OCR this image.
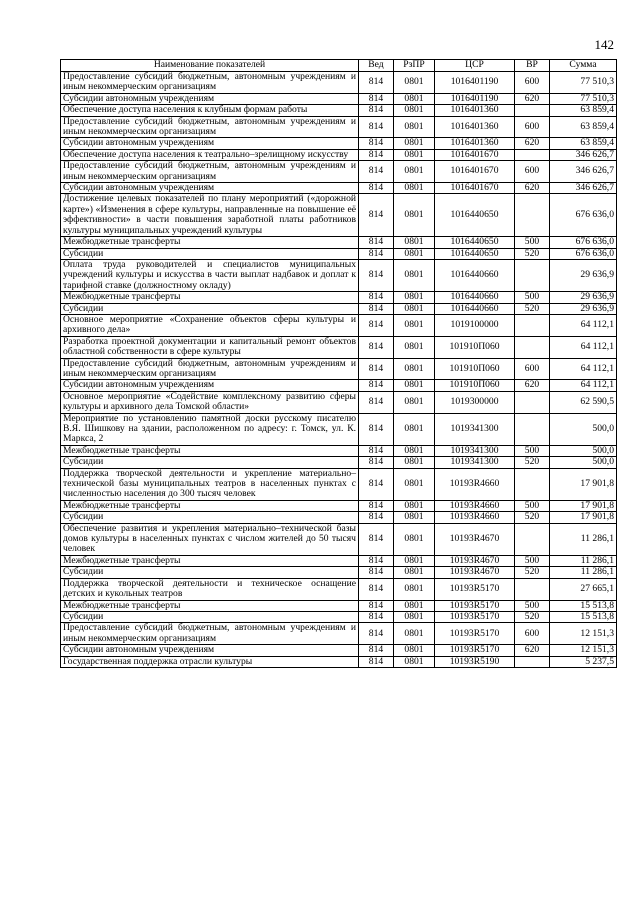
142
Наименование показателей	Вед	РзПР	ЦСР	ВР	Сумма
Предоставление субсидий бюджетным, автономным учреждениям и иным некоммерческим организациям	814	0801	1016401190	600	77 510,3
Субсидии автономным учреждениям	814	0801	1016401190	620	77 510,3
Обеспечение доступа населения к клубным формам работы	814	0801	1016401360		63 859,4
Предоставление субсидий бюджетным, автономным учреждениям и иным некоммерческим организациям	814	0801	1016401360	600	63 859,4
Субсидии автономным учреждениям	814	0801	1016401360	620	63 859,4
Обеспечение доступа населения к театрально–зрелищному искусству	814	0801	1016401670		346 626,7
Предоставление субсидий бюджетным, автономным учреждениям и иным некоммерческим организациям	814	0801	1016401670	600	346 626,7
Субсидии автономным учреждениям	814	0801	1016401670	620	346 626,7
Достижение целевых показателей по плану мероприятий («дорожной карте») «Изменения в сфере культуры, направленные на повышение её эффективности» в части повышения заработной платы работников культуры муниципальных учреждений культуры	814	0801	1016440650		676 636,0
Межбюджетные трансферты	814	0801	1016440650	500	676 636,0
Субсидии	814	0801	1016440650	520	676 636,0
Оплата труда руководителей и специалистов муниципальных учреждений культуры и искусства в части выплат надбавок и доплат к тарифной ставке (должностному окладу)	814	0801	1016440660		29 636,9
Межбюджетные трансферты	814	0801	1016440660	500	29 636,9
Субсидии	814	0801	1016440660	520	29 636,9
Основное мероприятие «Сохранение объектов сферы культуры и архивного дела»	814	0801	1019100000		64 112,1
Разработка проектной документации и капитальный ремонт объектов областной собственности в сфере культуры	814	0801	101910П060		64 112,1
Предоставление субсидий бюджетным, автономным учреждениям и иным некоммерческим организациям	814	0801	101910П060	600	64 112,1
Субсидии автономным учреждениям	814	0801	101910П060	620	64 112,1
Основное мероприятие «Содействие комплексному развитию сферы культуры и архивного дела Томской области»	814	0801	1019300000		62 590,5
Мероприятие по установлению памятной доски русскому писателю В.Я. Шишкову на здании, расположенном по адресу: г. Томск, ул. К. Маркса, 2	814	0801	1019341300		500,0
Межбюджетные трансферты	814	0801	1019341300	500	500,0
Субсидии	814	0801	1019341300	520	500,0
Поддержка творческой деятельности и укрепление материально–технической базы муниципальных театров в населенных пунктах с численностью населения до 300 тысяч человек	814	0801	10193R4660		17 901,8
Межбюджетные трансферты	814	0801	10193R4660	500	17 901,8
Субсидии	814	0801	10193R4660	520	17 901,8
Обеспечение развития и укрепления материально–технической базы домов культуры в населенных пунктах с числом жителей до 50 тысяч человек	814	0801	10193R4670		11 286,1
Межбюджетные трансферты	814	0801	10193R4670	500	11 286,1
Субсидии	814	0801	10193R4670	520	11 286,1
Поддержка творческой деятельности и техническое оснащение детских и кукольных театров	814	0801	10193R5170		27 665,1
Межбюджетные трансферты	814	0801	10193R5170	500	15 513,8
Субсидии	814	0801	10193R5170	520	15 513,8
Предоставление субсидий бюджетным, автономным учреждениям и иным некоммерческим организациям	814	0801	10193R5170	600	12 151,3
Субсидии автономным учреждениям	814	0801	10193R5170	620	12 151,3
Государственная поддержка отрасли культуры	814	0801	10193R5190		5 237,5
